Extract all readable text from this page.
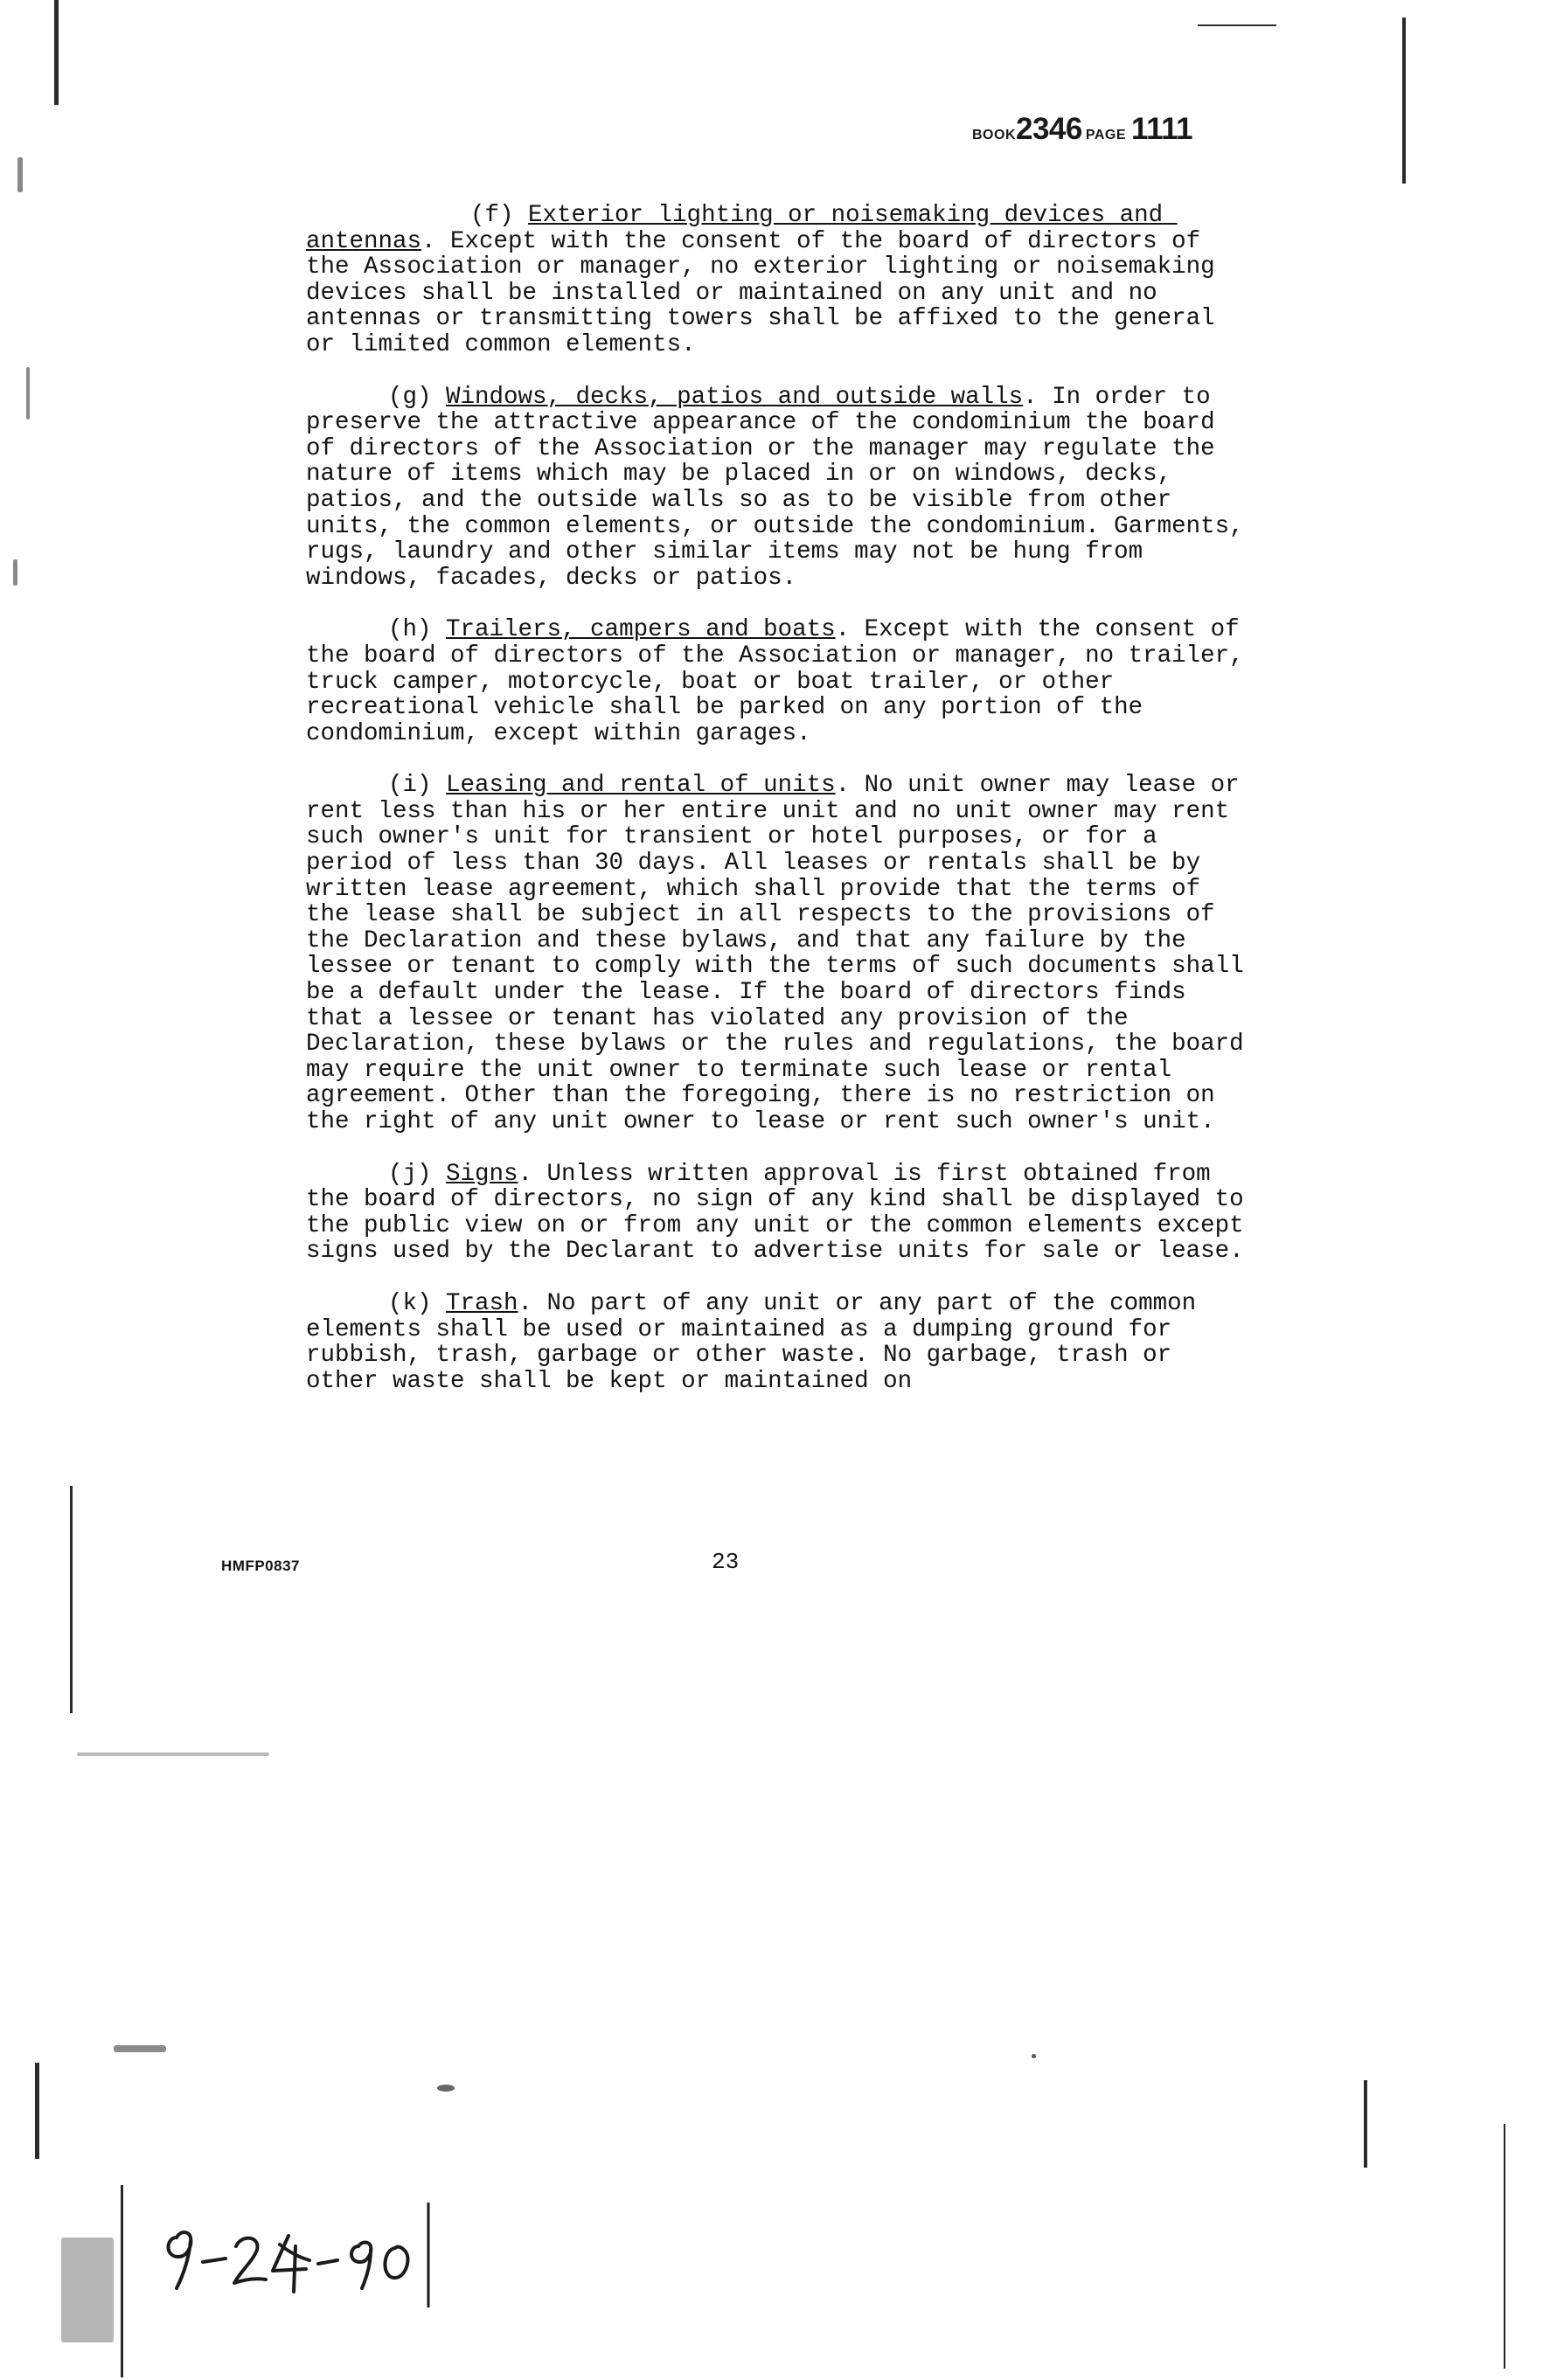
BOOK2346 PAGE 1111

(f) Exterior lighting or noisemaking devices and antennas. Except with the consent of the board of directors of the Association or manager, no exterior lighting or noisemaking devices shall be installed or maintained on any unit and no antennas or transmitting towers shall be affixed to the general or limited common elements.

(g) Windows, decks, patios and outside walls. In order to preserve the attractive appearance of the condominium the board of directors of the Association or the manager may regulate the nature of items which may be placed in or on windows, decks, patios, and the outside walls so as to be visible from other units, the common elements, or outside the condominium. Garments, rugs, laundry and other similar items may not be hung from windows, facades, decks or patios.

(h) Trailers, campers and boats. Except with the consent of the board of directors of the Association or manager, no trailer, truck camper, motorcycle, boat or boat trailer, or other recreational vehicle shall be parked on any portion of the condominium, except within garages.

(i) Leasing and rental of units. No unit owner may lease or rent less than his or her entire unit and no unit owner may rent such owner's unit for transient or hotel purposes, or for a period of less than 30 days. All leases or rentals shall be by written lease agreement, which shall provide that the terms of the lease shall be subject in all respects to the provisions of the Declaration and these bylaws, and that any failure by the lessee or tenant to comply with the terms of such documents shall be a default under the lease. If the board of directors finds that a lessee or tenant has violated any provision of the Declaration, these bylaws or the rules and regulations, the board may require the unit owner to terminate such lease or rental agreement. Other than the foregoing, there is no restriction on the right of any unit owner to lease or rent such owner's unit.

(j) Signs. Unless written approval is first obtained from the board of directors, no sign of any kind shall be displayed to the public view on or from any unit or the common elements except signs used by the Declarant to advertise units for sale or lease.

(k) Trash. No part of any unit or any part of the common elements shall be used or maintained as a dumping ground for rubbish, trash, garbage or other waste. No garbage, trash or other waste shall be kept or maintained on

HMFP0837	23
